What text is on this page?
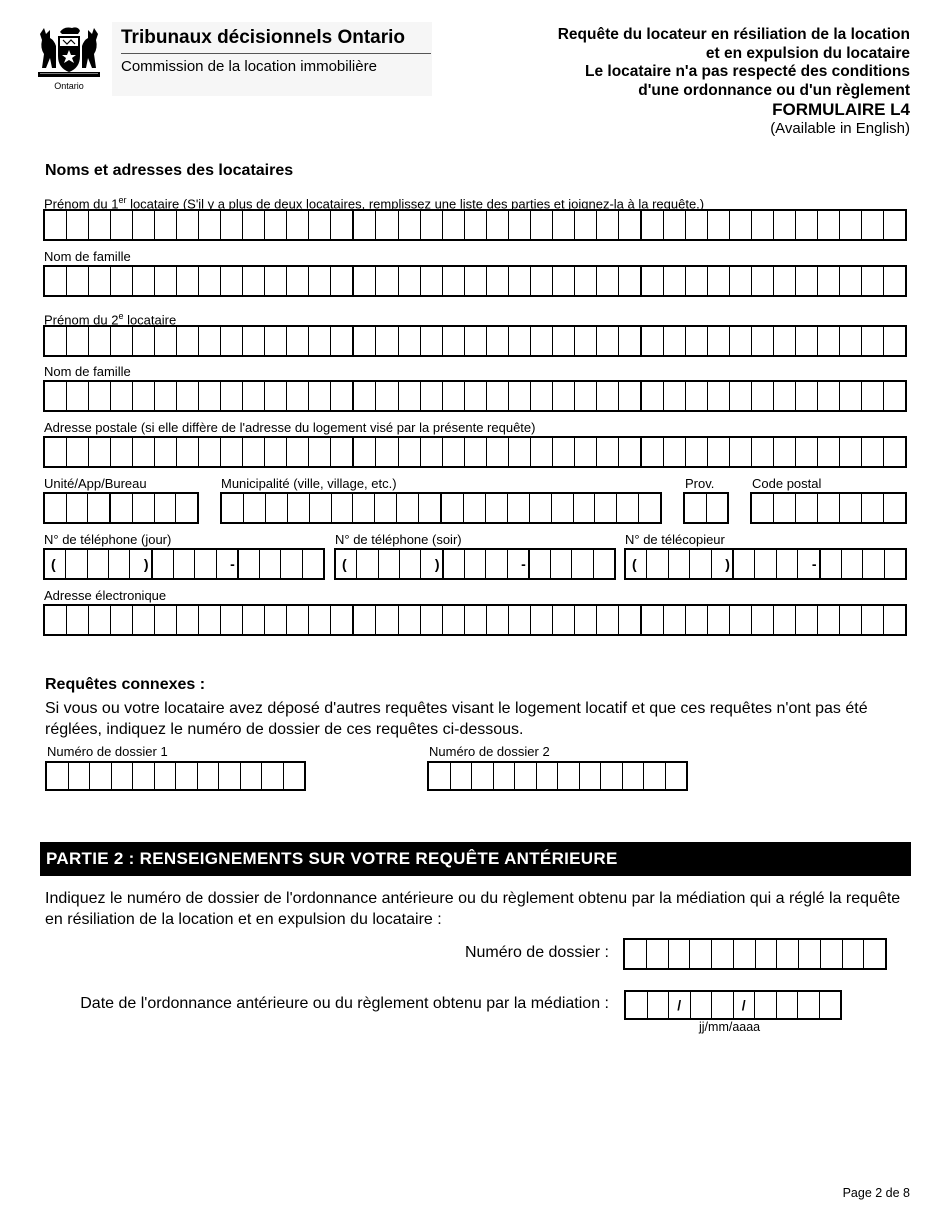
Ontario
Tribunaux décisionnels Ontario
Commission de la location immobilière
Requête du locateur en résiliation de la location
et en expulsion du locataire
Le locataire n'a pas respecté des conditions
d'une ordonnance ou d'un règlement
FORMULAIRE L4
(Available in English)
Noms et adresses des locataires
Prénom du 1er locataire (S'il y a plus de deux locataires, remplissez une liste des parties et joignez-la à la requête.)
Nom de famille
Prénom du 2e locataire
Nom de famille
Adresse postale (si elle diffère de l'adresse du logement visé par la présente requête)
Unité/App/Bureau	Municipalité (ville, village, etc.)	Prov.	Code postal
N° de téléphone (jour)
(	)	-
N° de téléphone (soir)
(	)	-
N° de télécopieur
(	)	-
Adresse électronique
Requêtes connexes :
Si vous ou votre locataire avez déposé d'autres requêtes visant le logement locatif et que ces requêtes n'ont pas été réglées, indiquez le numéro de dossier de ces requêtes ci-dessous.
Numéro de dossier 1	Numéro de dossier 2
PARTIE 2 : RENSEIGNEMENTS SUR VOTRE REQUÊTE ANTÉRIEURE
Indiquez le numéro de dossier de l'ordonnance antérieure ou du règlement obtenu par la médiation qui a réglé la requête en résiliation de la location et en expulsion du locataire :
Numéro de dossier :
Date de l'ordonnance antérieure ou du règlement obtenu par la médiation :	/	/
jj/mm/aaaa
Page 2 de 8
